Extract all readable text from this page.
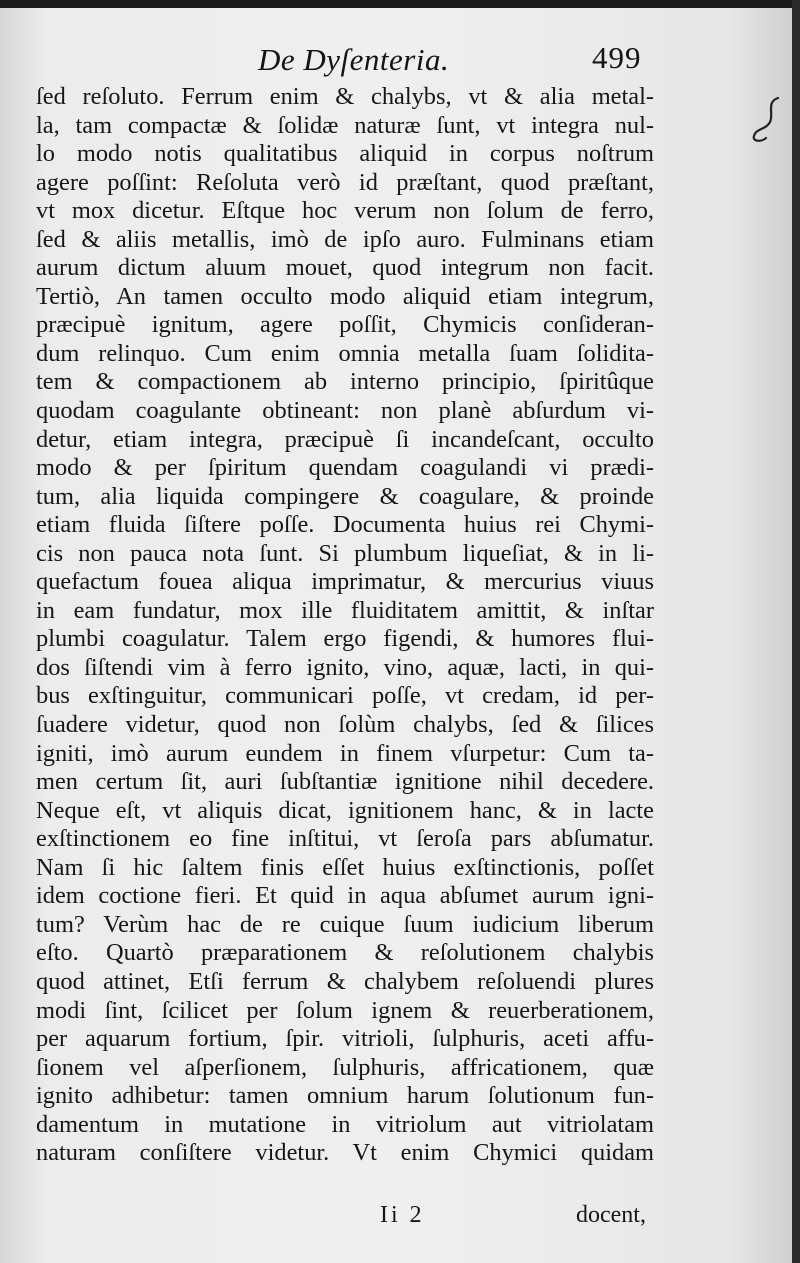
De Dyſenteria.	499
ſed reſoluto. Ferrum enim & chalybs, vt & alia metal-
la, tam compactæ & ſolidæ naturæ ſunt, vt integra nul-
lo modo notis qualitatibus aliquid in corpus noſtrum
agere poſſint: Reſoluta verò id præſtant, quod præſtant,
vt mox dicetur. Eſtque hoc verum non ſolum de ferro,
ſed & aliis metallis, imò de ipſo auro. Fulminans etiam
aurum dictum aluum mouet, quod integrum non facit.
Tertiò, An tamen occulto modo aliquid etiam integrum,
præcipuè ignitum, agere poſſit, Chymicis conſideran-
dum relinquo. Cum enim omnia metalla ſuam ſolidita-
tem & compactionem ab interno principio, ſpiritûque
quodam coagulante obtineant: non planè abſurdum vi-
detur, etiam integra, præcipuè ſi incandeſcant, occulto
modo & per ſpiritum quendam coagulandi vi prædi-
tum, alia liquida compingere & coagulare, & proinde
etiam fluida ſiſtere poſſe. Documenta huius rei Chymi-
cis non pauca nota ſunt. Si plumbum liqueſiat, & in li-
quefactum fouea aliqua imprimatur, & mercurius viuus
in eam fundatur, mox ille fluiditatem amittit, & inſtar
plumbi coagulatur. Talem ergo figendi, & humores flui-
dos ſiſtendi vim à ferro ignito, vino, aquæ, lacti, in qui-
bus exſtinguitur, communicari poſſe, vt credam, id per-
ſuadere videtur, quod non ſolùm chalybs, ſed & ſilices
igniti, imò aurum eundem in finem vſurpetur: Cum ta-
men certum ſit, auri ſubſtantiæ ignitione nihil decedere.
Neque eſt, vt aliquis dicat, ignitionem hanc, & in lacte
exſtinctionem eo fine inſtitui, vt ſeroſa pars abſumatur.
Nam ſi hic ſaltem finis eſſet huius exſtinctionis, poſſet
idem coctione fieri. Et quid in aqua abſumet aurum igni-
tum? Verùm hac de re cuique ſuum iudicium liberum
eſto. Quartò præparationem & reſolutionem chalybis
quod attinet, Etſi ferrum & chalybem reſoluendi plures
modi ſint, ſcilicet per ſolum ignem & reuerberationem,
per aquarum fortium, ſpir. vitrioli, ſulphuris, aceti affu-
ſionem vel aſperſionem, ſulphuris, affricationem, quæ
ignito adhibetur: tamen omnium harum ſolutionum fun-
damentum in mutatione in vitriolum aut vitriolatam
naturam conſiſtere videtur. Vt enim Chymici quidam
Ii 2	docent,
